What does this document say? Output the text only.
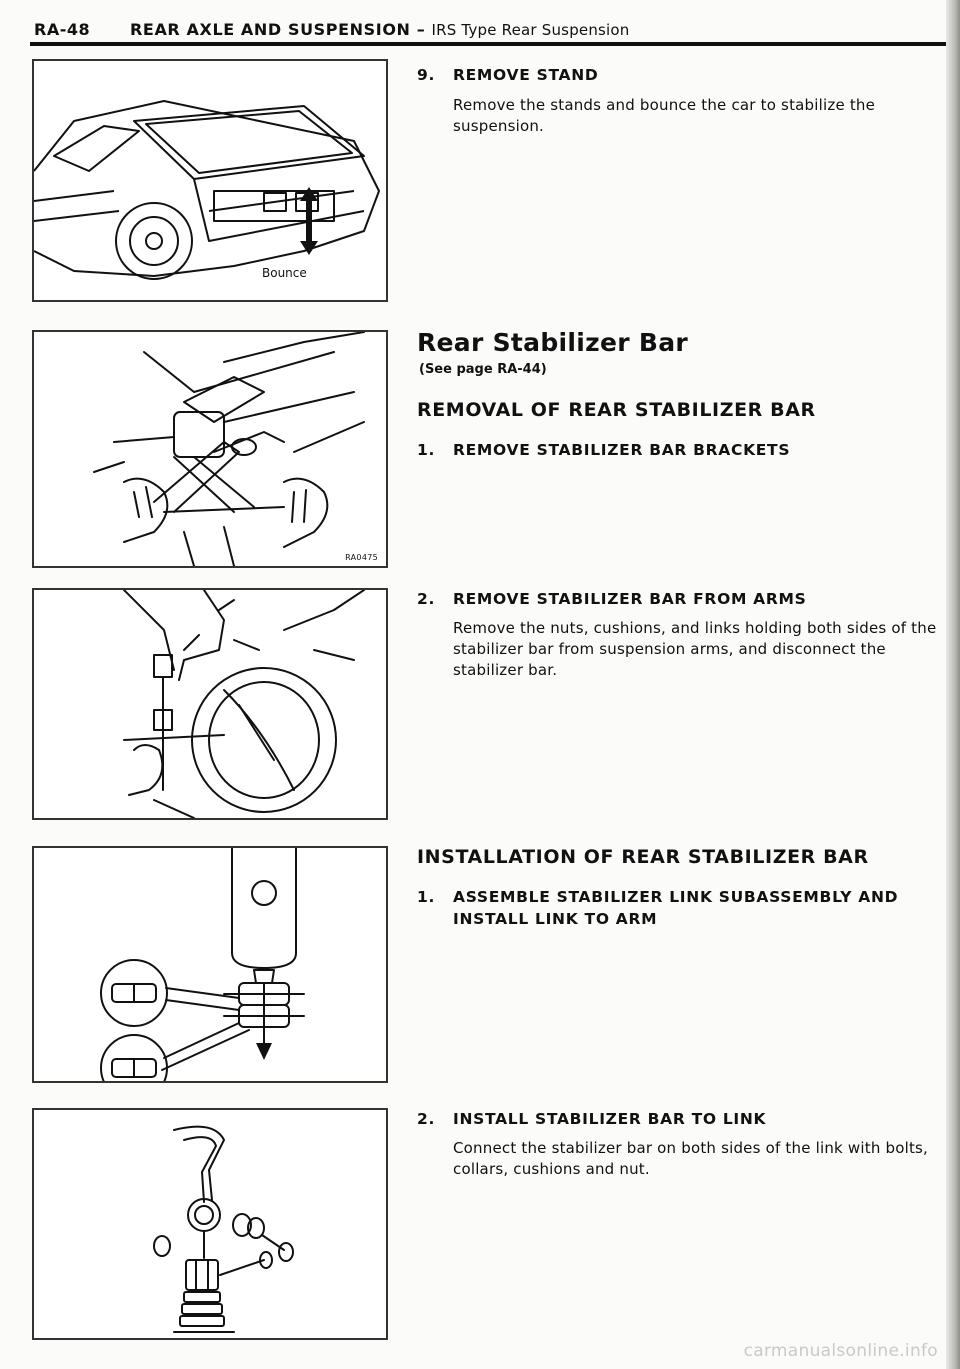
RA-48 REAR AXLE AND SUSPENSION – IRS Type Rear Suspension
Bounce
RA0475
9. REMOVE STAND
Remove the stands and bounce the car to stabilize the suspension.
Rear Stabilizer Bar
(See page RA-44)
REMOVAL OF REAR STABILIZER BAR
1. REMOVE STABILIZER BAR BRACKETS
2. REMOVE STABILIZER BAR FROM ARMS
Remove the nuts, cushions, and links holding both sides of the stabilizer bar from suspension arms, and disconnect the stabilizer bar.
INSTALLATION OF REAR STABILIZER BAR
1. ASSEMBLE STABILIZER LINK SUBASSEMBLY AND
INSTALL LINK TO ARM
2. INSTALL STABILIZER BAR TO LINK
Connect the stabilizer bar on both sides of the link with bolts, collars, cushions and nut.
carmanualsonline.info
